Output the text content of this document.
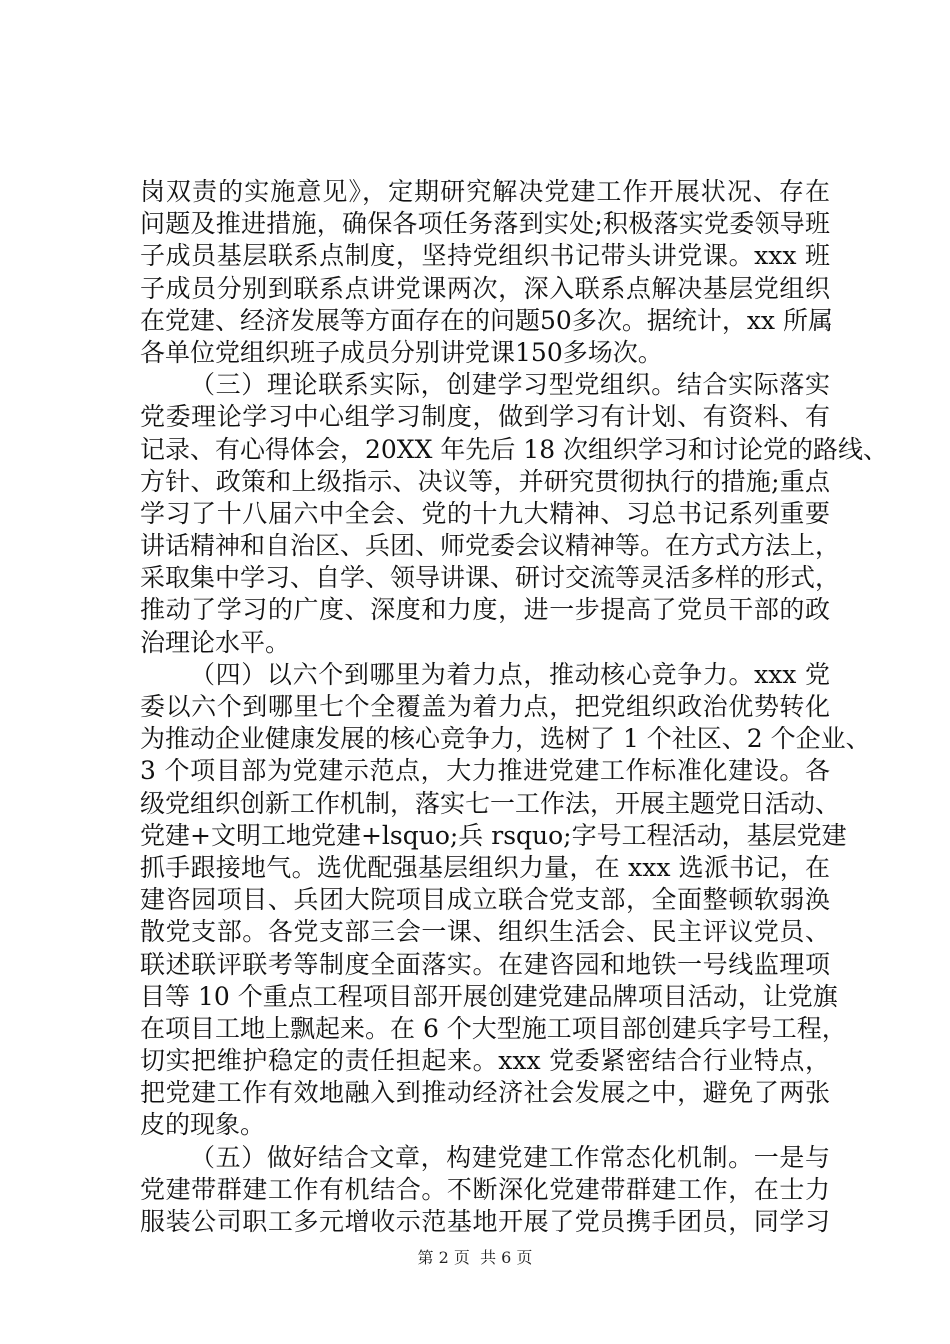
岗双责的实施意见》，定期研究解决党建工作开展状况、存在
问题及推进措施，确保各项任务落到实处;积极落实党委领导班
子成员基层联系点制度，坚持党组织书记带头讲党课。xxx 班
子成员分别到联系点讲党课两次，深入联系点解决基层党组织
在党建、经济发展等方面存在的问题50多次。据统计，xx 所属
各单位党组织班子成员分别讲党课150多场次。
（三）理论联系实际，创建学习型党组织。结合实际落实
党委理论学习中心组学习制度，做到学习有计划、有资料、有
记录、有心得体会，20XX 年先后 18 次组织学习和讨论党的路线、
方针、政策和上级指示、决议等，并研究贯彻执行的措施;重点
学习了十八届六中全会、党的十九大精神、习总书记系列重要
讲话精神和自治区、兵团、师党委会议精神等。在方式方法上，
采取集中学习、自学、领导讲课、研讨交流等灵活多样的形式，
推动了学习的广度、深度和力度，进一步提高了党员干部的政
治理论水平。
（四）以六个到哪里为着力点，推动核心竞争力。xxx 党
委以六个到哪里七个全覆盖为着力点，把党组织政治优势转化
为推动企业健康发展的核心竞争力，选树了 1 个社区、2 个企业、
3 个项目部为党建示范点，大力推进党建工作标准化建设。各
级党组织创新工作机制，落实七一工作法，开展主题党日活动、
党建+文明工地党建+lsquo;兵 rsquo;字号工程活动，基层党建
抓手跟接地气。选优配强基层组织力量，在 xxx 选派书记，在
建咨园项目、兵团大院项目成立联合党支部，全面整顿软弱涣
散党支部。各党支部三会一课、组织生活会、民主评议党员、
联述联评联考等制度全面落实。在建咨园和地铁一号线监理项
目等 10 个重点工程项目部开展创建党建品牌项目活动，让党旗
在项目工地上飘起来。在 6 个大型施工项目部创建兵字号工程，
切实把维护稳定的责任担起来。xxx 党委紧密结合行业特点，
把党建工作有效地融入到推动经济社会发展之中，避免了两张
皮的现象。
（五）做好结合文章，构建党建工作常态化机制。一是与
党建带群建工作有机结合。不断深化党建带群建工作，在士力
服装公司职工多元增收示范基地开展了党员携手团员，同学习
第 2 页  共 6 页
